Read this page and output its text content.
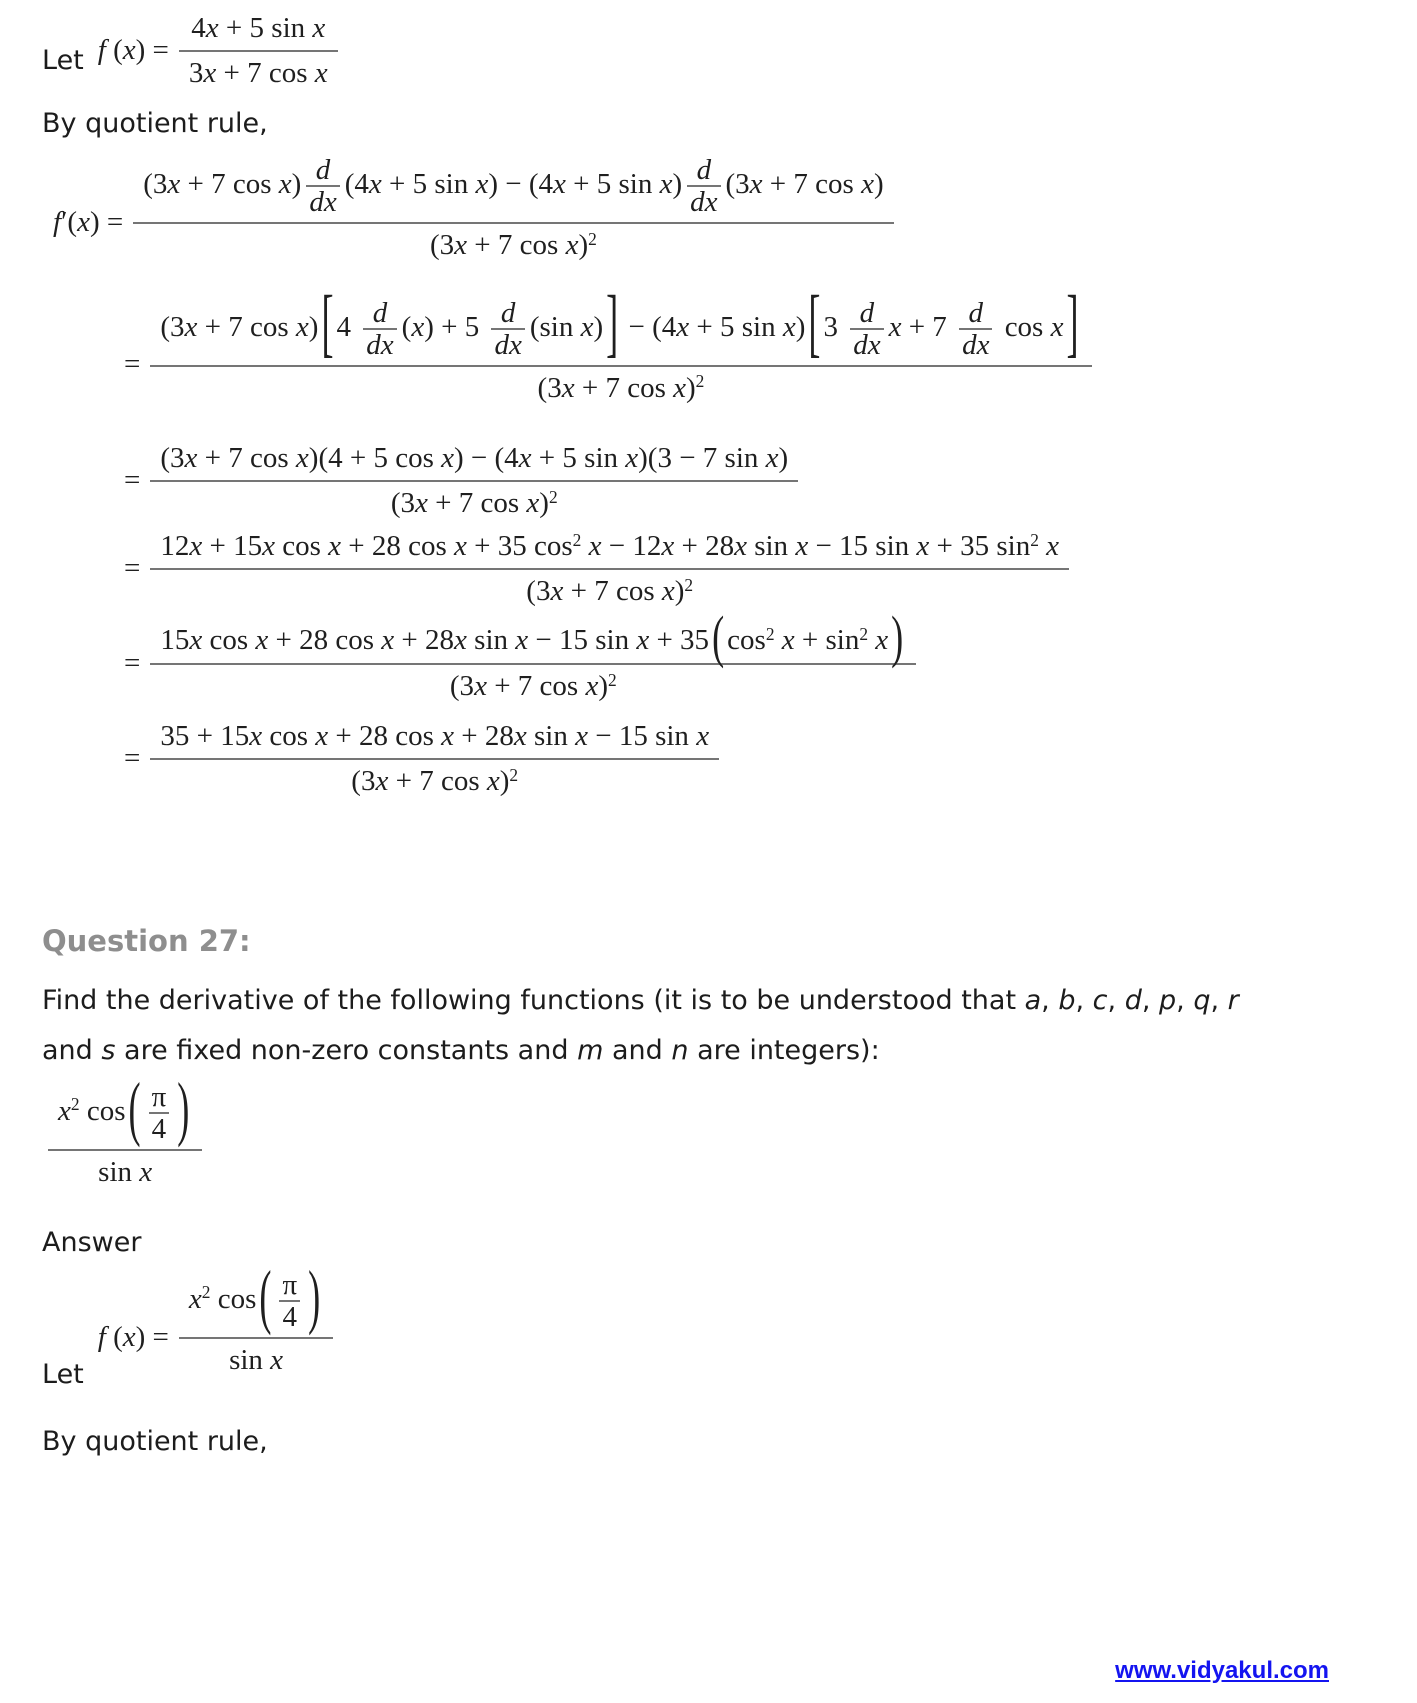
Let f $(x) = \frac{\text{4x + 5 sin x}}{\text{3x + 7 cos x}}$

By quotient rule,

f′(x) =
(3x + 7 $\cos x) \frac{d}{dx} (4x + 5$ sin x) − (4x + 5 $\sin x) \frac{d}{dx} (3x + 7$ cos x)
(3x + 7 cos x)$^2$
=
(3x + 7 cos x)[ $4 \frac{d}{dx} (x) + 5 \frac{d}{dx} (\sin$ x)] − (4x + 5 sin x)[ $3 \frac{d}{dx}$ $x + 7 \frac{d}{dx}$ cos x]
(3x + 7 cos x)$^2$
= $\frac{\text{(3x + 7 cos x)(4 + 5 cos x) − (4x + 5 sin x)(3 − 7 sin x)}}{(3x + 7 \cos x)^2}$
=
12x + 15x cos x + 28 cos x + 35 $\cos^2 x - 12x + 28x$ sin x − 15 sin x + 35 $\sin^2 x$
(3x + 7 cos x)$^2$
=
15x cos x + 28 cos x + 28x sin x − 15 sin x + 35( $\cos^2 x + \sin^2 x$)
(3x + 7 cos x)$^2$
= $\frac{\text{35 + 15x cos x + 28 cos x + 28x sin x − 15 sin x}}{(3x + 7 \cos x)^2}$
Question 27:

Find the derivative of the following functions (it is to be understood that a, b, c, d, p, q, r
and s are fixed non-zero constants and m and n are integers):

$\frac{x^2 \cos( \frac{\pi}{4} )}{\text{sin x}}$

Answer

Let
f $(x) = \frac{x^2 \cos( \frac{\pi}{4} )}{\text{sin x}}$

By quotient rule,

www.vidyakul.com
